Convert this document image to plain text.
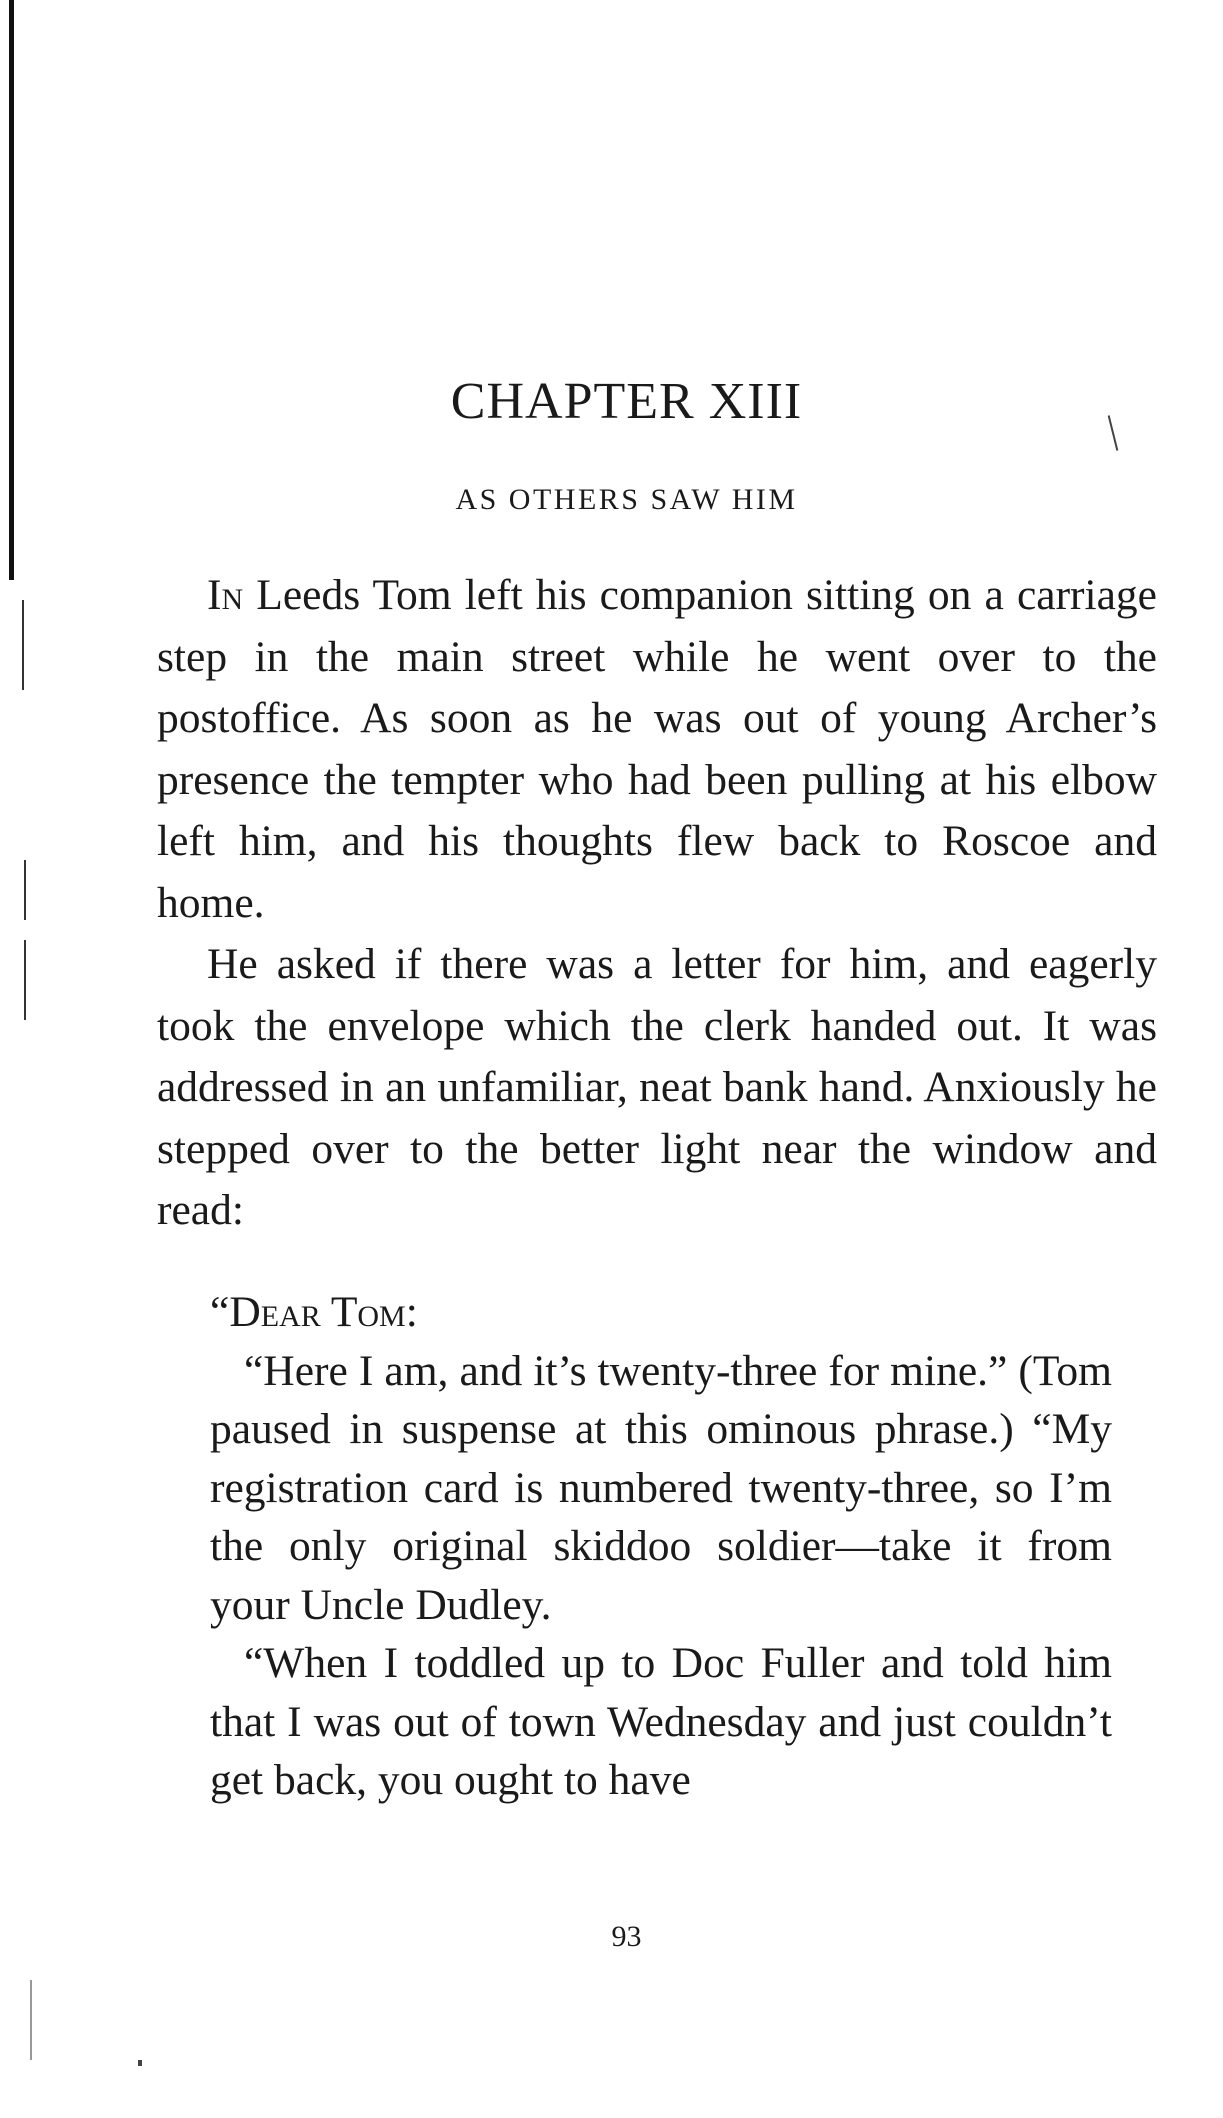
CHAPTER XIII
AS OTHERS SAW HIM

In Leeds Tom left his companion sitting on a carriage step in the main street while he went over to the postoffice. As soon as he was out of young Archer’s presence the tempter who had been pulling at his elbow left him, and his thoughts flew back to Roscoe and home.

He asked if there was a letter for him, and eagerly took the envelope which the clerk handed out. It was addressed in an unfamiliar, neat bank hand. Anxiously he stepped over to the better light near the window and read:

“Dear Tom:

“Here I am, and it’s twenty-three for mine.” (Tom paused in suspense at this ominous phrase.) “My registration card is numbered twenty-three, so I’m the only original skiddoo soldier—take it from your Uncle Dudley.

“When I toddled up to Doc Fuller and told him that I was out of town Wednesday and just couldn’t get back, you ought to have

93
